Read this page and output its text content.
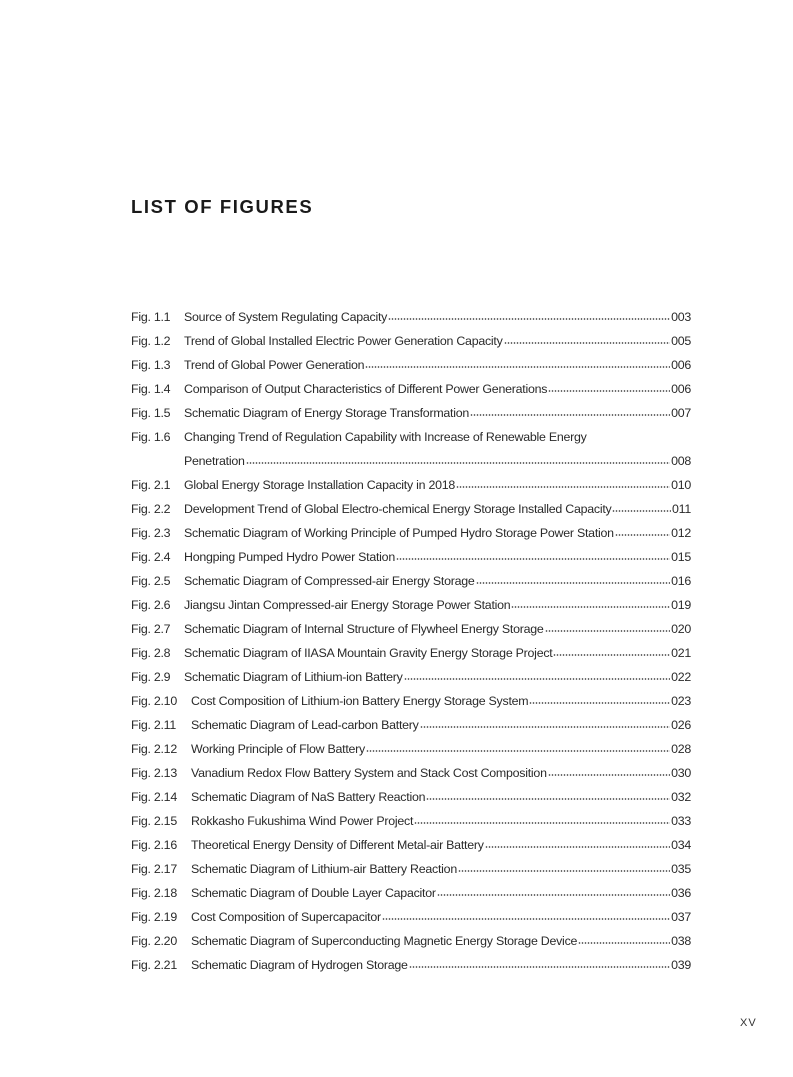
LIST OF FIGURES
Fig. 1.1	Source of System Regulating Capacity	003
Fig. 1.2	Trend of Global Installed Electric Power Generation Capacity	005
Fig. 1.3	Trend of Global Power Generation	006
Fig. 1.4	Comparison of Output Characteristics of Different Power Generations	006
Fig. 1.5	Schematic Diagram of Energy Storage Transformation	007
Fig. 1.6	Changing Trend of Regulation Capability with Increase of Renewable Energy
Penetration	008
Fig. 2.1	Global Energy Storage Installation Capacity in 2018	010
Fig. 2.2	Development Trend of Global Electro-chemical Energy Storage Installed Capacity	011
Fig. 2.3	Schematic Diagram of Working Principle of Pumped Hydro Storage Power Station	012
Fig. 2.4	Hongping Pumped Hydro Power Station	015
Fig. 2.5	Schematic Diagram of Compressed-air Energy Storage	016
Fig. 2.6	Jiangsu Jintan Compressed-air Energy Storage Power Station	019
Fig. 2.7	Schematic Diagram of Internal Structure of Flywheel Energy Storage	020
Fig. 2.8	Schematic Diagram of IIASA Mountain Gravity Energy Storage Project	021
Fig. 2.9	Schematic Diagram of Lithium-ion Battery	022
Fig. 2.10	Cost Composition of Lithium-ion Battery Energy Storage System	023
Fig. 2.11	Schematic Diagram of Lead-carbon Battery	026
Fig. 2.12	Working Principle of Flow Battery	028
Fig. 2.13	Vanadium Redox Flow Battery System and Stack Cost Composition	030
Fig. 2.14	Schematic Diagram of NaS Battery Reaction	032
Fig. 2.15	Rokkasho Fukushima Wind Power Project	033
Fig. 2.16	Theoretical Energy Density of Different Metal-air Battery	034
Fig. 2.17	Schematic Diagram of Lithium-air Battery Reaction	035
Fig. 2.18	Schematic Diagram of Double Layer Capacitor	036
Fig. 2.19	Cost Composition of Supercapacitor	037
Fig. 2.20	Schematic Diagram of Superconducting Magnetic Energy Storage Device	038
Fig. 2.21	Schematic Diagram of Hydrogen Storage	039
XV
